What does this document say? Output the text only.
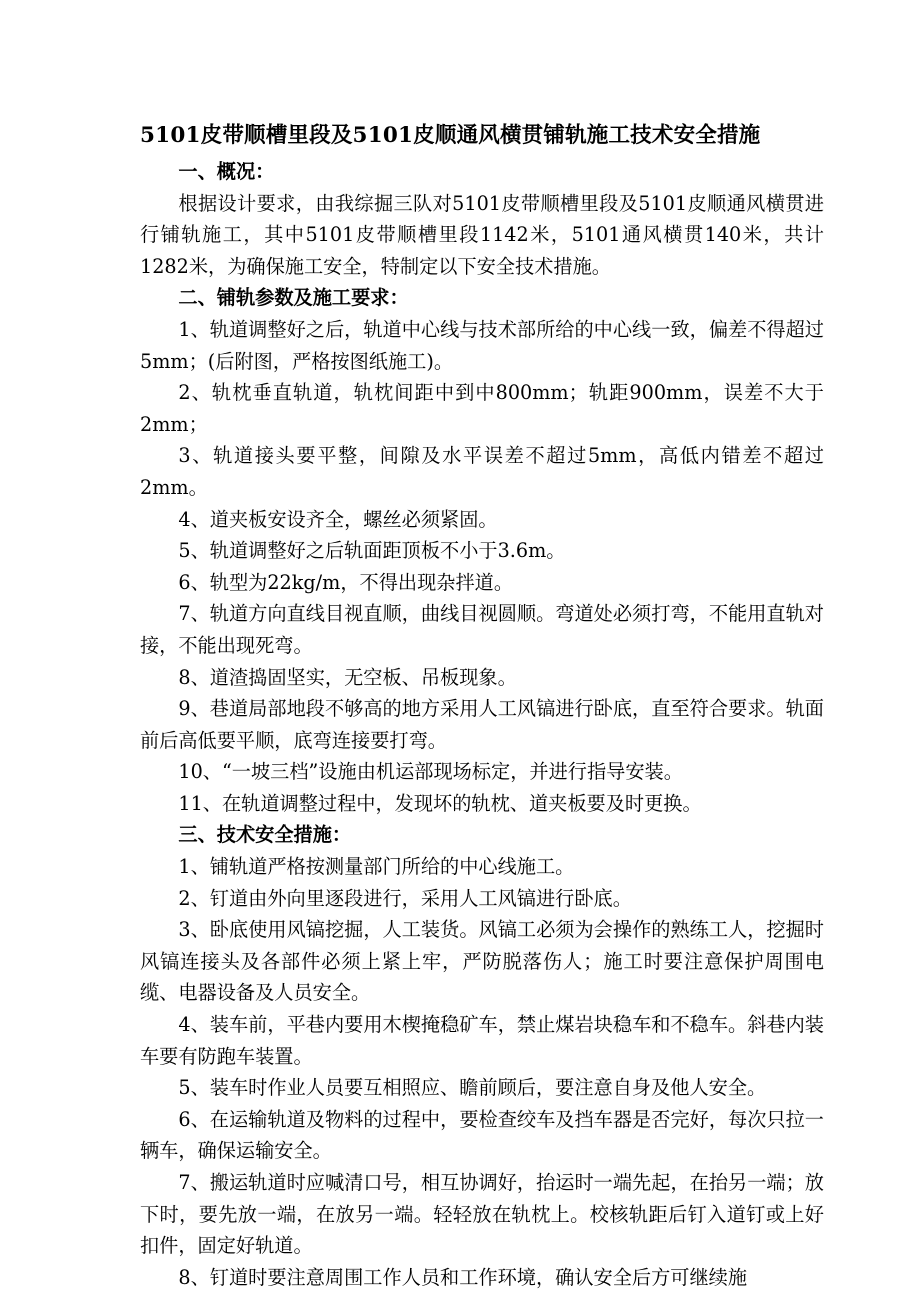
5101皮带顺槽里段及5101皮顺通风横贯铺轨施工技术安全措施

一、概况：

根据设计要求，由我综掘三队对5101皮带顺槽里段及5101皮顺通风横贯进行铺轨施工，其中5101皮带顺槽里段1142米，5101通风横贯140米，共计1282米，为确保施工安全，特制定以下安全技术措施。

二、铺轨参数及施工要求：

1、轨道调整好之后，轨道中心线与技术部所给的中心线一致，偏差不得超过5mm；(后附图，严格按图纸施工)。

2、轨枕垂直轨道，轨枕间距中到中800mm；轨距900mm，误差不大于2mm；

3、轨道接头要平整，间隙及水平误差不超过5mm，高低内错差不超过2mm。

4、道夹板安设齐全，螺丝必须紧固。

5、轨道调整好之后轨面距顶板不小于3.6m。

6、轨型为22kg/m，不得出现杂拌道。

7、轨道方向直线目视直顺，曲线目视圆顺。弯道处必须打弯，不能用直轨对接，不能出现死弯。

8、道渣捣固坚实，无空板、吊板现象。

9、巷道局部地段不够高的地方采用人工风镐进行卧底，直至符合要求。轨面前后高低要平顺，底弯连接要打弯。

10、“一坡三档”设施由机运部现场标定，并进行指导安装。

11、在轨道调整过程中，发现坏的轨枕、道夹板要及时更换。

三、技术安全措施：

1、铺轨道严格按测量部门所给的中心线施工。

2、钉道由外向里逐段进行，采用人工风镐进行卧底。

3、卧底使用风镐挖掘，人工装货。风镐工必须为会操作的熟练工人，挖掘时风镐连接头及各部件必须上紧上牢，严防脱落伤人；施工时要注意保护周围电缆、电器设备及人员安全。

4、装车前，平巷内要用木楔掩稳矿车，禁止煤岩块稳车和不稳车。斜巷内装车要有防跑车装置。

5、装车时作业人员要互相照应、瞻前顾后，要注意自身及他人安全。

6、在运输轨道及物料的过程中，要检查绞车及挡车器是否完好，每次只拉一辆车，确保运输安全。

7、搬运轨道时应喊清口号，相互协调好，抬运时一端先起，在抬另一端；放下时，要先放一端，在放另一端。轻轻放在轨枕上。校核轨距后钉入道钉或上好扣件，固定好轨道。

8、钉道时要注意周围工作人员和工作环境，确认安全后方可继续施
